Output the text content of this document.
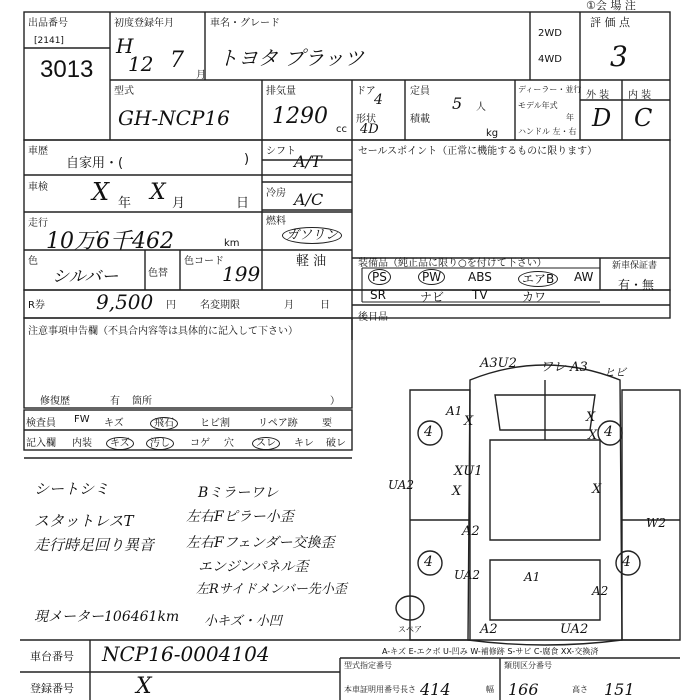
①会 場 注
出品番号
[2141]
3013
初度登録年月
H
12 7
月
車名・グレード
トヨタ プラッツ
2WD
4WD
評 価 点
3
型式
GH-NCP16
排気量
1290
cc
ドア
4
形状
4D
定員
5 人
積載
kg
ディーラー・並行
モデル年式
年
ハンドル 左・右
外 装 内 装
D C
車歴
自家用・(	)
シフト
A/T
車検 X 年 X 月	日
冷房 A/C
走行
10万6千462	km
燃料
ガソリン
軽 油
色
シルバー	色替
色コード
199
セールスポイント（正常に機能するものに限ります）
装備品（純正品に限り○を付けて下さい）
PS	PW	ABS	エアB	AW
SR	ナビ TV	カワ
新車保証書
有・無
R券	9,500 円 名変期限	月	日
後日品
注意事項申告欄（不具合内容等は具体的に記入して下さい）
修復歴	有 箇所	）
検査員
記入欄
FW キズ	飛石	ヒビ割	リペア跡 要
内装	キズ	汚し	コゲ 穴	スレ	キレ 破レ
シートシミ
スタットレスT
走行時足回り異音
現メーター106461km
Bミラーワレ
左右Fピラー小歪
左右Fフェンダー交換歪
エンジンパネル歪
左Rサイドメンバー先小歪
小キズ・小凹
A3U2 ワレ A3 ヒビ
A1
X
4
X
X 4
XU1
X
UA2	X
A2
W2
4
UA2	A1
4
A2
A2	UA2
スペア
A-キズ E-エクボ U-凹み W-補修跡 S-サビ C-腐食 XX-交換済
車台番号 NCP16-0004104
登録番号	X
型式指定番号
本車証明用番号
類別区分番号
長さ 414	幅 166	高さ 151
